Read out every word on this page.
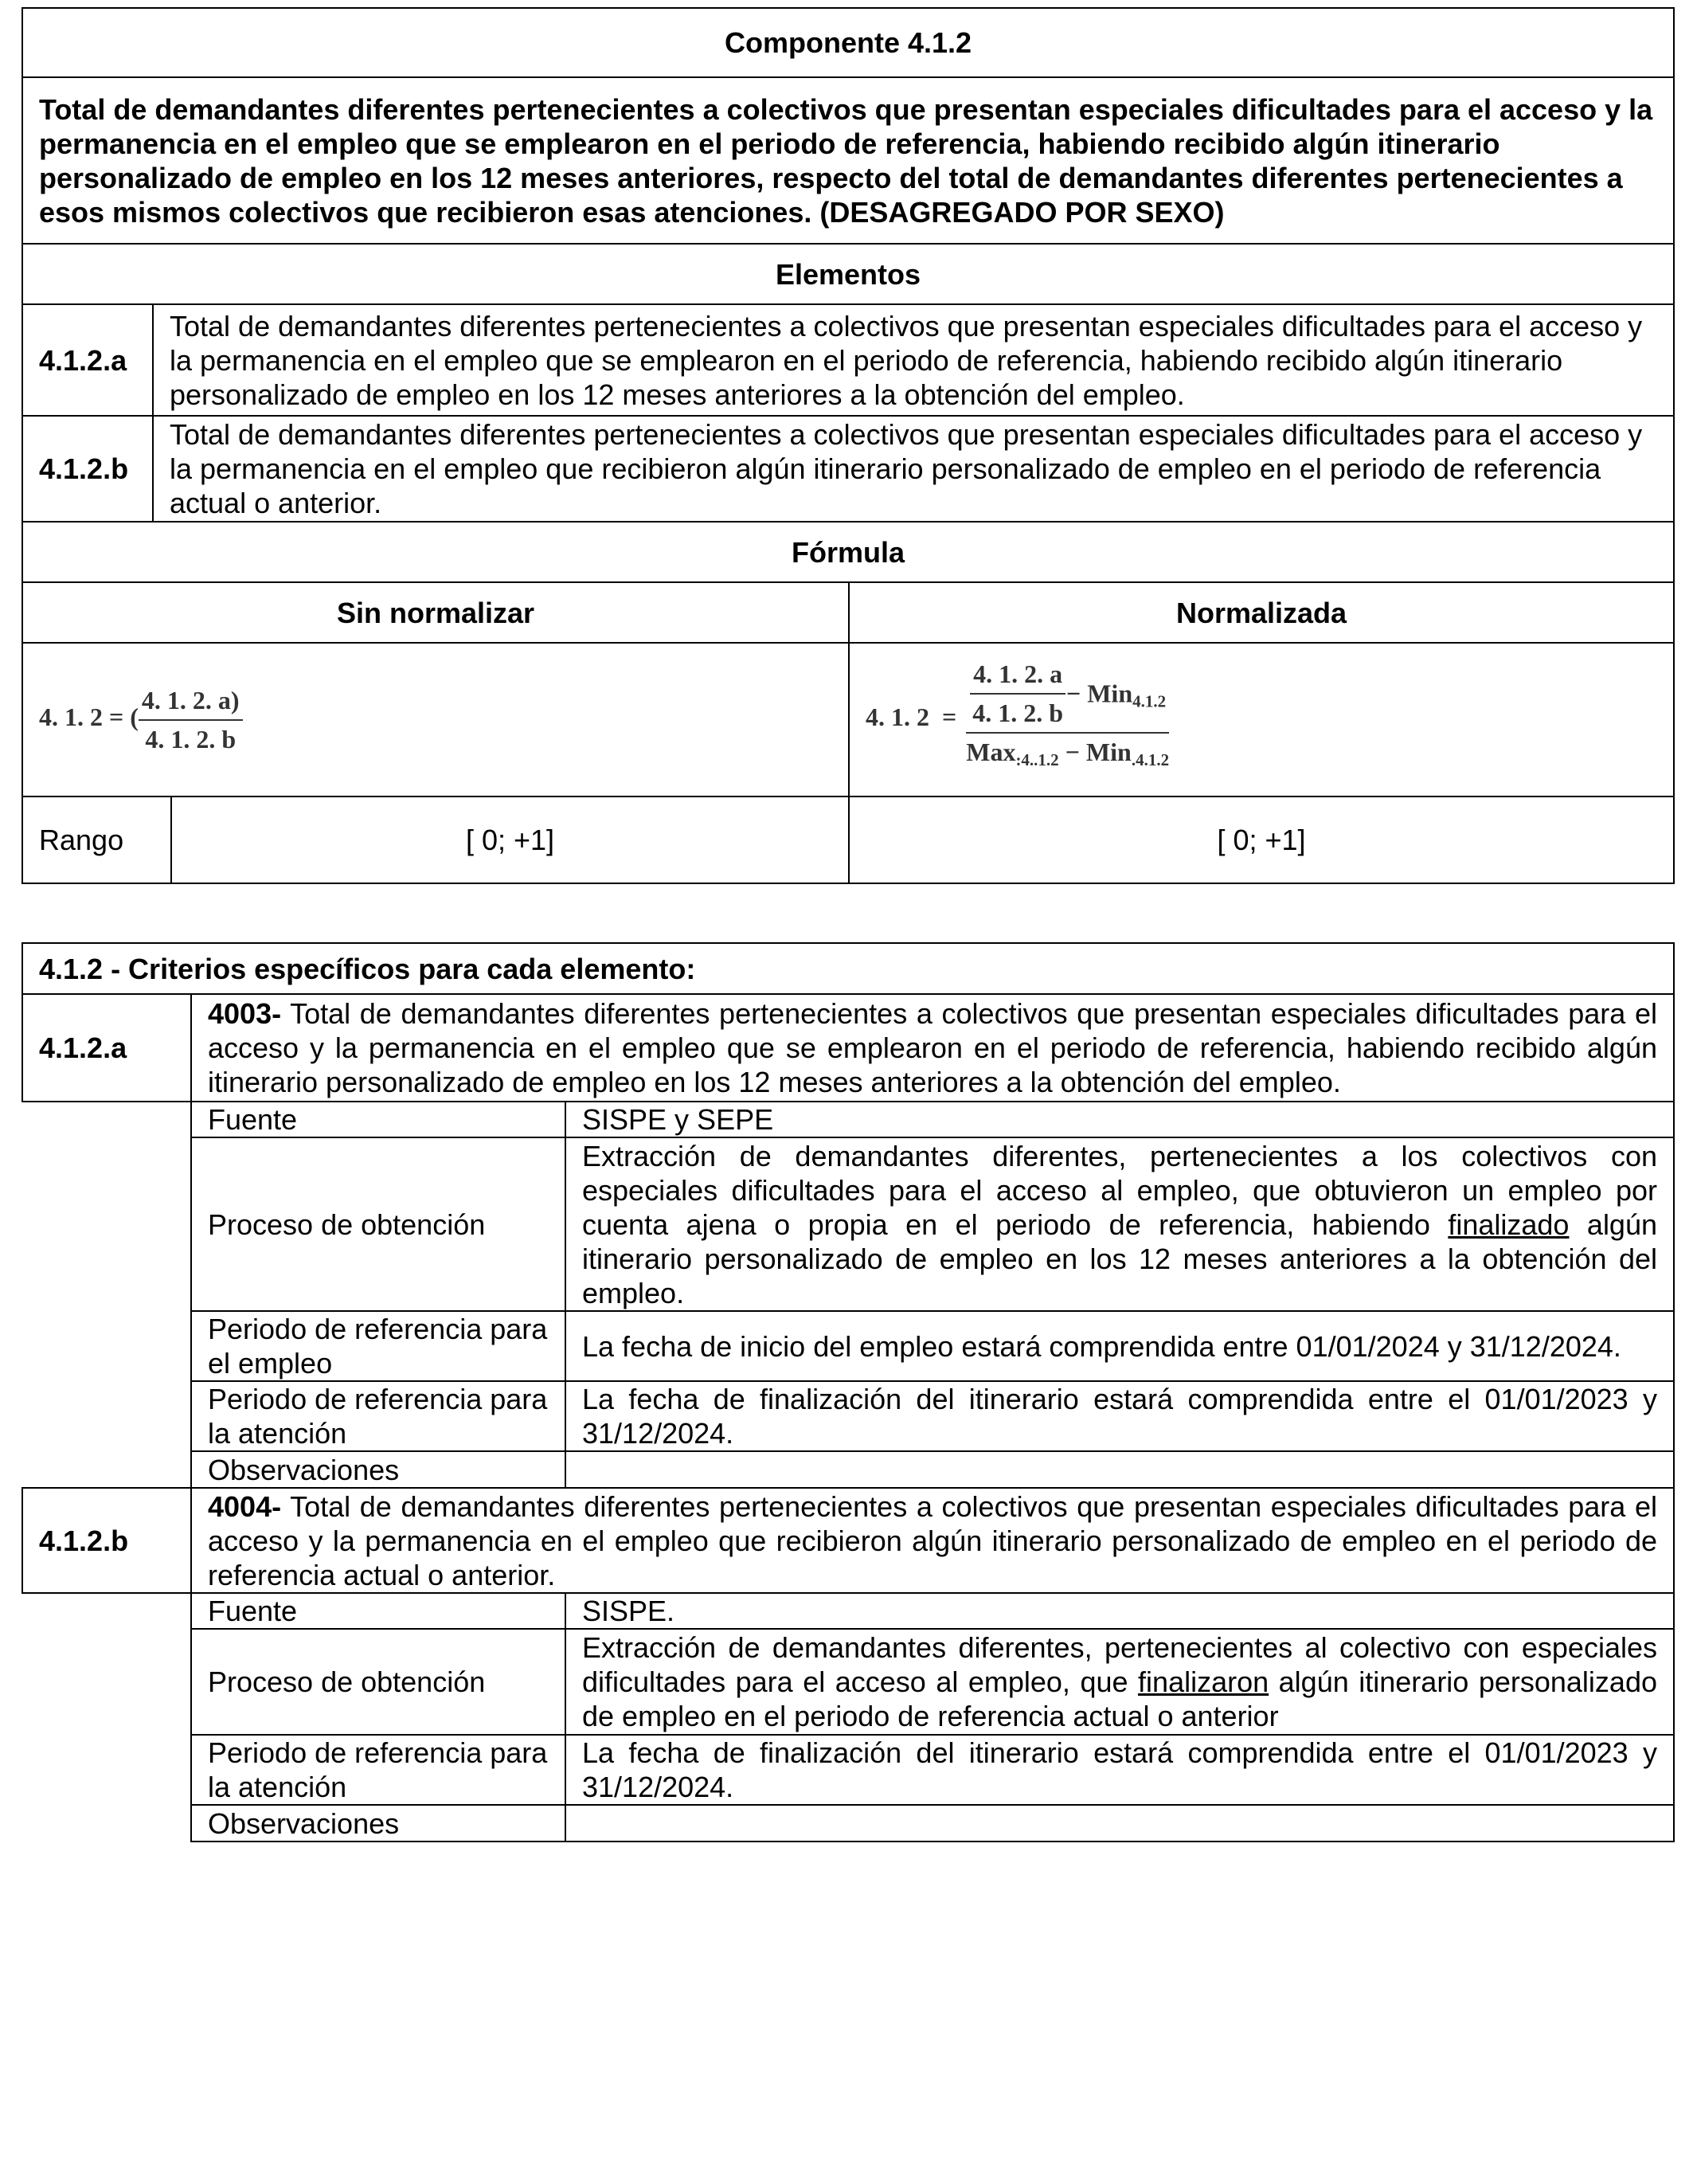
Componente 4.1.2			
Total de demandantes diferentes pertenecientes a colectivos que presentan especiales dificultades para el acceso y la permanencia en el empleo que se emplearon en el periodo de referencia, habiendo recibido algún itinerario personalizado de empleo en los 12 meses anteriores, respecto del total de demandantes diferentes pertenecientes a esos mismos colectivos que recibieron esas atenciones. (DESAGREGADO POR SEXO)			
Elementos			
4.1.2.a	Total de demandantes diferentes pertenecientes a colectivos que presentan especiales dificultades para el acceso y la permanencia en el empleo que se emplearon en el periodo de referencia, habiendo recibido algún itinerario personalizado de empleo en los 12 meses anteriores a la obtención del empleo.		
4.1.2.b	Total de demandantes diferentes pertenecientes a colectivos que presentan especiales dificultades para el acceso y la permanencia en el empleo que recibieron algún itinerario personalizado de empleo en el periodo de referencia actual o anterior.		
Fórmula			
Sin normalizar			Normalizada
4. 1. 2 = ( $\frac{4. 1. 2. a)}{4. 1. 2. b}$			4. 1. $2 = \frac{\frac{4. 1. 2. a}{4. 1. 2. b} - Min_{4.1.2}}{Max_{:4..1.2} - Min_{.4.1.2}}$

Rango		[ 0; +1]	[ 0; +1]
4.1.2 - Criterios específicos para cada elemento:		
4.1.2.a	4003- Total de demandantes diferentes pertenecientes a colectivos que presentan especiales dificultades para el acceso y la permanencia en el empleo que se emplearon en el periodo de referencia, habiendo recibido algún itinerario personalizado de empleo en los 12 meses anteriores a la obtención del empleo.	
	Fuente	SISPE y SEPE
	Proceso de obtención	Extracción de demandantes diferentes, pertenecientes a los colectivos con especiales dificultades para el acceso al empleo, que obtuvieron un empleo por cuenta ajena o propia en el periodo de referencia, habiendo finalizado algún itinerario personalizado de empleo en los 12 meses anteriores a la obtención del empleo.
	Periodo de referencia para el empleo	La fecha de inicio del empleo estará comprendida entre 01/01/2024 y 31/12/2024.
	Periodo de referencia para la atención	La fecha de finalización del itinerario estará comprendida entre el 01/01/2023 y 31/12/2024.
	Observaciones	
4.1.2.b	4004- Total de demandantes diferentes pertenecientes a colectivos que presentan especiales dificultades para el acceso y la permanencia en el empleo que recibieron algún itinerario personalizado de empleo en el periodo de referencia actual o anterior.	
	Fuente	SISPE.
	Proceso de obtención	Extracción de demandantes diferentes, pertenecientes al colectivo con especiales dificultades para el acceso al empleo, que finalizaron algún itinerario personalizado de empleo en el periodo de referencia actual o anterior
	Periodo de referencia para la atención	La fecha de finalización del itinerario estará comprendida entre el 01/01/2023 y 31/12/2024.
	Observaciones	
